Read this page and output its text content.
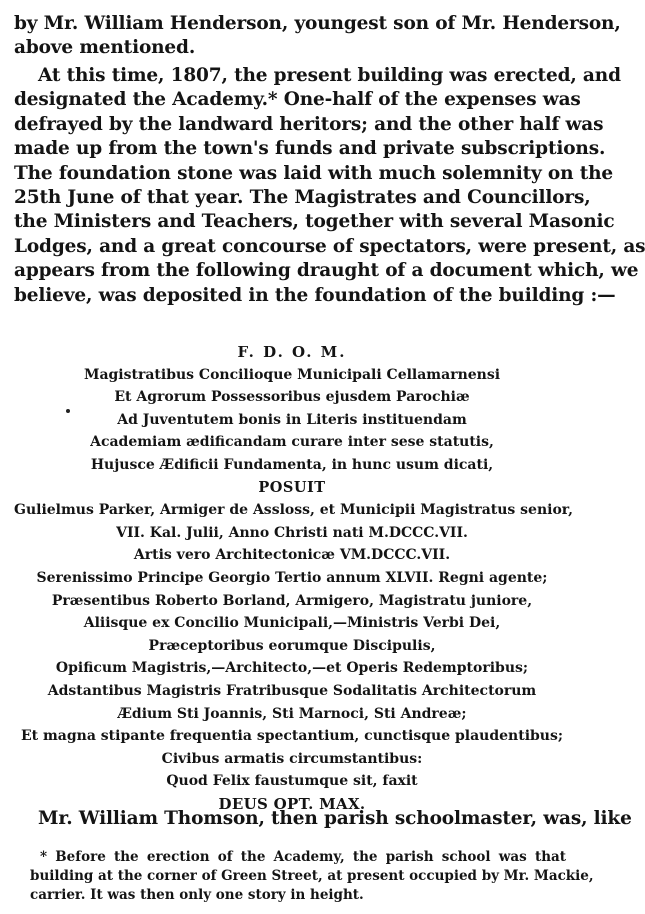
by Mr. William Henderson, youngest son of Mr. Henderson,
above mentioned.
At this time, 1807, the present building was erected, and
designated the Academy.* One-half of the expenses was
defrayed by the landward heritors; and the other half was
made up from the town's funds and private subscriptions.
The foundation stone was laid with much solemnity on the
25th June of that year. The Magistrates and Councillors,
the Ministers and Teachers, together with several Masonic
Lodges, and a great concourse of spectators, were present, as
appears from the following draught of a document which, we
believe, was deposited in the foundation of the building :—
F. D. O. M.
Magistratibus Concilioque Municipali Cellamarnensi
Et Agrorum Possessoribus ejusdem Parochiæ
Ad Juventutem bonis in Literis instituendam
Academiam ædificandam curare inter sese statutis,
Hujusce Ædificii Fundamenta, in hunc usum dicati,
POSUIT
Gulielmus Parker, Armiger de Assloss, et Municipii Magistratus senior,
VII. Kal. Julii, Anno Christi nati M.DCCC.VII.
Artis vero Architectonicæ VM.DCCC.VII.
Serenissimo Principe Georgio Tertio annum XLVII. Regni agente;
Præsentibus Roberto Borland, Armigero, Magistratu juniore,
Aliisque ex Concilio Municipali,—Ministris Verbi Dei,
Præceptoribus eorumque Discipulis,
Opificum Magistris,—Architecto,—et Operis Redemptoribus;
Adstantibus Magistris Fratribusque Sodalitatis Architectorum
Ædium Sti Joannis, Sti Marnoci, Sti Andreæ;
Et magna stipante frequentia spectantium, cunctisque plaudentibus;
Civibus armatis circumstantibus:
Quod Felix faustumque sit, faxit
DEUS OPT. MAX.
Mr. William Thomson, then parish schoolmaster, was, like
* Before the erection of the Academy, the parish school was that
building at the corner of Green Street, at present occupied by Mr. Mackie,
carrier. It was then only one story in height.
